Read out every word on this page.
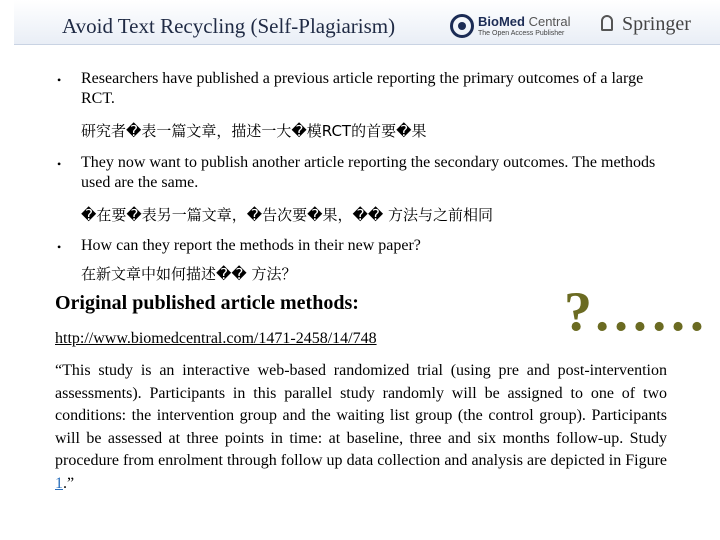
Avoid Text Recycling (Self-Plagiarism)	BioMed Central
The Open Access Publisher	Springer
• Researchers have published a previous article reporting the primary outcomes of a large RCT.
研究者�表一篇文章，描述一大�模RCT的首要�果
• They now want to publish another article reporting the secondary outcomes. The methods used are the same.
�在要�表另一篇文章，�告次要�果，�� 方法与之前相同
• How can they report the methods in their new paper?
在新文章中如何描述�� 方法？
Original published article methods:
http://www.biomedcentral.com/1471-2458/14/748	?……
“This study is an interactive web-based randomized trial (using pre and post-intervention assessments). Participants in this parallel study randomly will be assigned to one of two conditions: the intervention group and the waiting list group (the control group). Participants will be assessed at three points in time: at baseline, three and six months follow-up. Study procedure from enrolment through follow up data collection and analysis are depicted in Figure 1.”
